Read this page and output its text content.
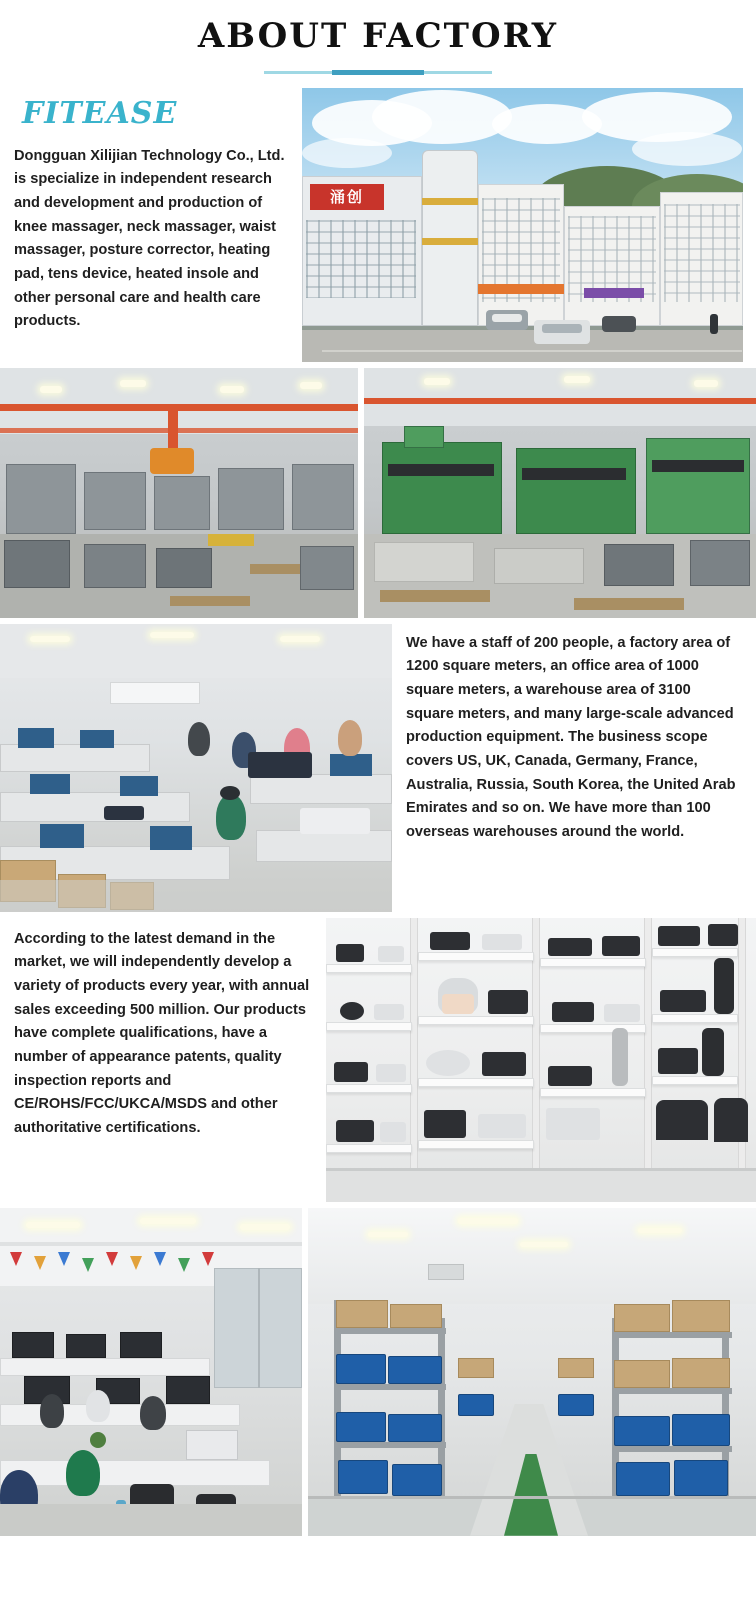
ABOUT FACTORY
FITEASE

Dongguan Xilijian Technology Co., Ltd. is specialize in independent research and development and production of knee massager, neck massager, waist massager, posture corrector, heating pad, tens device, heated insole and other personal care and health care products.

涌创

We have a staff of 200 people, a factory area of 1200 square meters, an office area of 1000 square meters, a warehouse area of 3100 square meters, and many large-scale advanced production equipment. The business scope covers US, UK, Canada, Germany, France, Australia, Russia, South Korea, the United Arab Emirates and so on. We have more than 100 overseas warehouses around the world.

According to the latest demand in the market, we will independently develop a variety of products every year, with annual sales exceeding 500 million. Our products have complete qualifications, have a number of appearance patents, quality inspection reports and CE/ROHS/FCC/UKCA/MSDS and other authoritative certifications.
